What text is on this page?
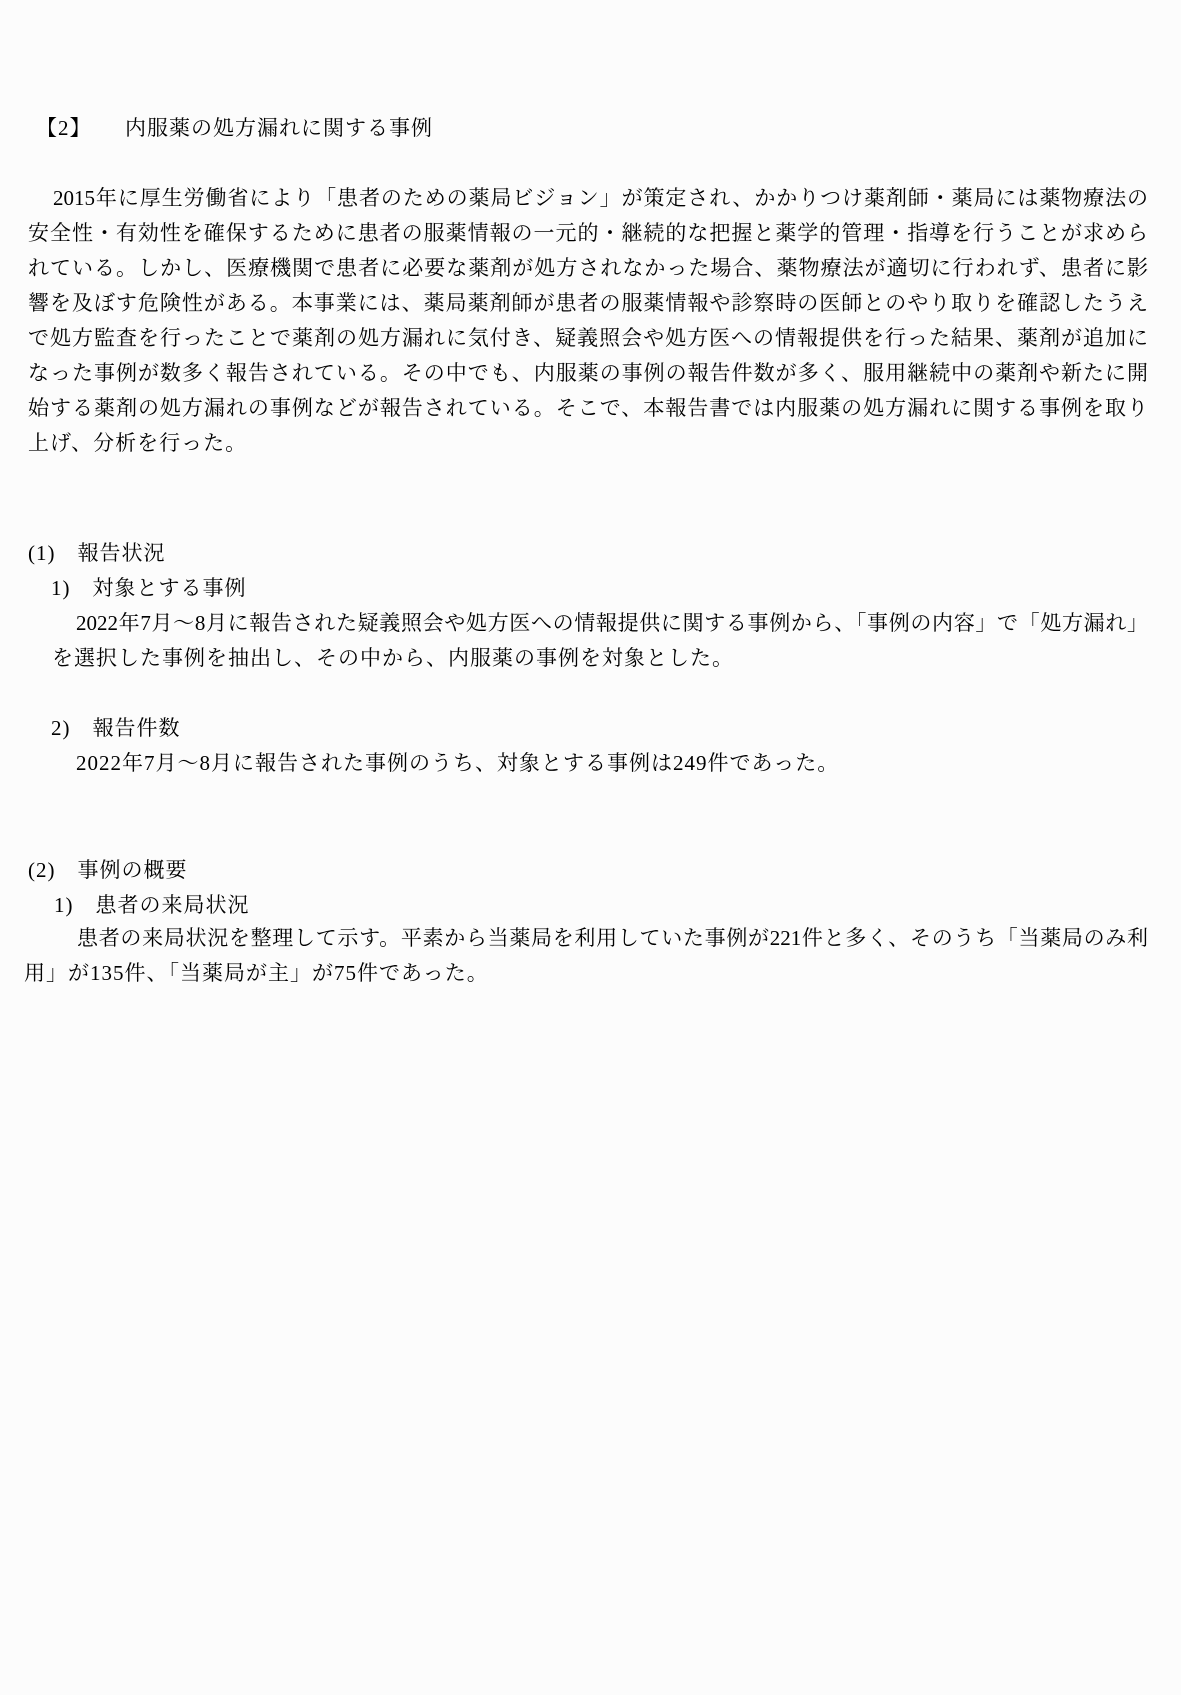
【2】　　内服薬の処方漏れに関する事例
2015年に厚生労働省により「患者のための薬局ビジョン」が策定され、かかりつけ薬剤師・薬局には薬物療法の
安全性・有効性を確保するために患者の服薬情報の一元的・継続的な把握と薬学的管理・指導を行うことが求めら
れている。しかし、医療機関で患者に必要な薬剤が処方されなかった場合、薬物療法が適切に行われず、患者に影
響を及ぼす危険性がある。本事業には、薬局薬剤師が患者の服薬情報や診察時の医師とのやり取りを確認したうえ
で処方監査を行ったことで薬剤の処方漏れに気付き、疑義照会や処方医への情報提供を行った結果、薬剤が追加に
なった事例が数多く報告されている。その中でも、内服薬の事例の報告件数が多く、服用継続中の薬剤や新たに開
始する薬剤の処方漏れの事例などが報告されている。そこで、本報告書では内服薬の処方漏れに関する事例を取り
上げ、分析を行った。
(1)　報告状況
1)　対象とする事例
2022年7月〜8月に報告された疑義照会や処方医への情報提供に関する事例から、「事例の内容」で「処方漏れ」
を選択した事例を抽出し、その中から、内服薬の事例を対象とした。
2)　報告件数
2022年7月〜8月に報告された事例のうち、対象とする事例は249件であった。
(2)　事例の概要
1)　患者の来局状況
患者の来局状況を整理して示す。平素から当薬局を利用していた事例が221件と多く、そのうち「当薬局のみ利
用」が135件、「当薬局が主」が75件であった。
